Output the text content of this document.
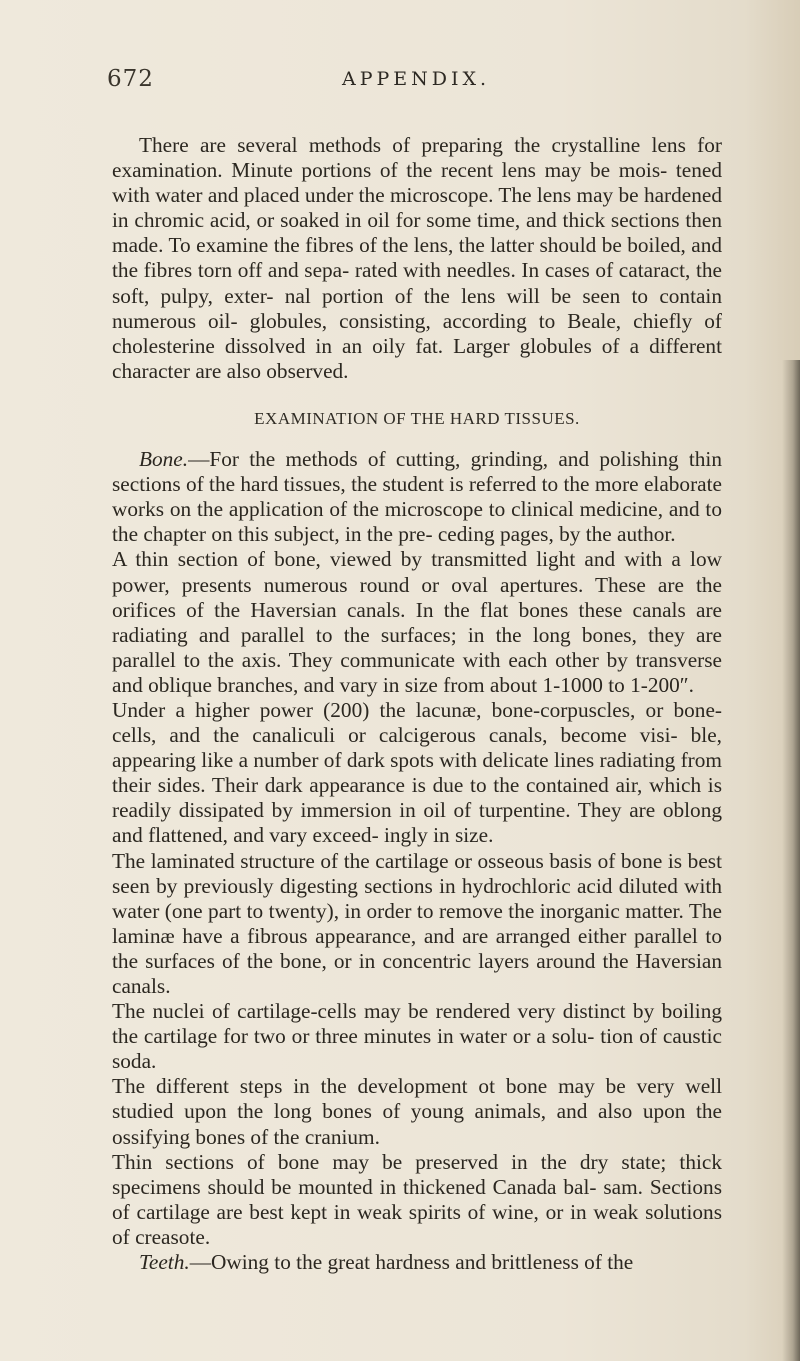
672	APPENDIX.

There are several methods of preparing the crystalline lens for examination. Minute portions of the recent lens may be mois- tened with water and placed under the microscope. The lens may be hardened in chromic acid, or soaked in oil for some time, and thick sections then made. To examine the fibres of the lens, the latter should be boiled, and the fibres torn off and sepa- rated with needles. In cases of cataract, the soft, pulpy, exter- nal portion of the lens will be seen to contain numerous oil- globules, consisting, according to Beale, chiefly of cholesterine dissolved in an oily fat. Larger globules of a different character are also observed.

EXAMINATION OF THE HARD TISSUES.

Bone.—For the methods of cutting, grinding, and polishing thin sections of the hard tissues, the student is referred to the more elaborate works on the application of the microscope to clinical medicine, and to the chapter on this subject, in the pre- ceding pages, by the author.

A thin section of bone, viewed by transmitted light and with a low power, presents numerous round or oval apertures. These are the orifices of the Haversian canals. In the flat bones these canals are radiating and parallel to the surfaces; in the long bones, they are parallel to the axis. They communicate with each other by transverse and oblique branches, and vary in size from about 1-1000 to 1-200″.

Under a higher power (200) the lacunæ, bone-corpuscles, or bone-cells, and the canaliculi or calcigerous canals, become visi- ble, appearing like a number of dark spots with delicate lines radiating from their sides. Their dark appearance is due to the contained air, which is readily dissipated by immersion in oil of turpentine. They are oblong and flattened, and vary exceed- ingly in size.

The laminated structure of the cartilage or osseous basis of bone is best seen by previously digesting sections in hydrochloric acid diluted with water (one part to twenty), in order to remove the inorganic matter. The laminæ have a fibrous appearance, and are arranged either parallel to the surfaces of the bone, or in concentric layers around the Haversian canals.

The nuclei of cartilage-cells may be rendered very distinct by boiling the cartilage for two or three minutes in water or a solu- tion of caustic soda.

The different steps in the development ot bone may be very well studied upon the long bones of young animals, and also upon the ossifying bones of the cranium.

Thin sections of bone may be preserved in the dry state; thick specimens should be mounted in thickened Canada bal- sam. Sections of cartilage are best kept in weak spirits of wine, or in weak solutions of creasote.

Teeth.—Owing to the great hardness and brittleness of the
